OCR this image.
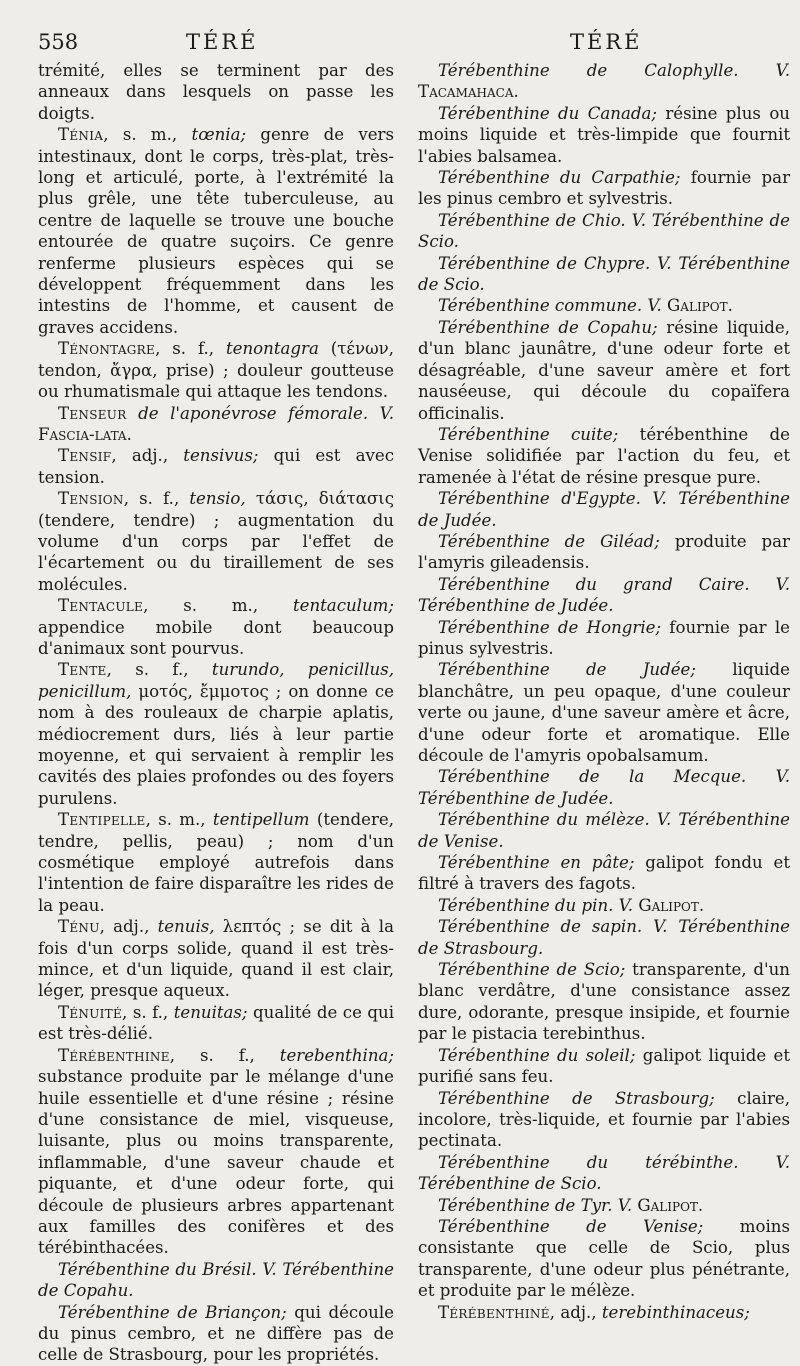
558	TÉRÉ	TÉRÉ

trémité, elles se terminent par des anneaux dans lesquels on passe les doigts.

Ténia, s. m., tœnia; genre de vers intestinaux, dont le corps, très-plat, très-long et articulé, porte, à l'extrémité la plus grêle, une tête tuberculeuse, au centre de laquelle se trouve une bouche entourée de quatre suçoirs. Ce genre renferme plusieurs espèces qui se développent fréquemment dans les intestins de l'homme, et causent de graves accidens.

Ténontagre, s. f., tenontagra (τένων, tendon, ἄγρα, prise) ; douleur goutteuse ou rhumatismale qui attaque les tendons.

Tenseur de l'aponévrose fémorale. V. Fascia-lata.

Tensif, adj., tensivus; qui est avec tension.

Tension, s. f., tensio, τάσις, διάτασις (tendere, tendre) ; augmentation du volume d'un corps par l'effet de l'écartement ou du tiraillement de ses molécules.

Tentacule, s. m., tentaculum; appendice mobile dont beaucoup d'animaux sont pourvus.

Tente, s. f., turundo, penicillus, penicillum, μοτός, ἔμμοτος ; on donne ce nom à des rouleaux de charpie aplatis, médiocrement durs, liés à leur partie moyenne, et qui servaient à remplir les cavités des plaies profondes ou des foyers purulens.

Tentipelle, s. m., tentipellum (tendere, tendre, pellis, peau) ; nom d'un cosmétique employé autrefois dans l'intention de faire disparaître les rides de la peau.

Ténu, adj., tenuis, λεπτός ; se dit à la fois d'un corps solide, quand il est très-mince, et d'un liquide, quand il est clair, léger, presque aqueux.

Ténuité, s. f., tenuitas; qualité de ce qui est très-délié.

Térébenthine, s. f., terebenthina; substance produite par le mélange d'une huile essentielle et d'une résine ; résine d'une consistance de miel, visqueuse, luisante, plus ou moins transparente, inflammable, d'une saveur chaude et piquante, et d'une odeur forte, qui découle de plusieurs arbres appartenant aux familles des conifères et des térébinthacées.

Térébenthine du Brésil. V. Térébenthine de Copahu.

Térébenthine de Briançon; qui découle du pinus cembro, et ne diffère pas de celle de Strasbourg, pour les propriétés.

Térébenthine de Calophylle. V. Tacamahaca.

Térébenthine du Canada; résine plus ou moins liquide et très-limpide que fournit l'abies balsamea.

Térébenthine du Carpathie; fournie par les pinus cembro et sylvestris.

Térébenthine de Chio. V. Térébenthine de Scio.

Térébenthine de Chypre. V. Térébenthine de Scio.

Térébenthine commune. V. Galipot.

Térébenthine de Copahu; résine liquide, d'un blanc jaunâtre, d'une odeur forte et désagréable, d'une saveur amère et fort nauséeuse, qui découle du copaïfera officinalis.

Térébenthine cuite; térébenthine de Venise solidifiée par l'action du feu, et ramenée à l'état de résine presque pure.

Térébenthine d'Egypte. V. Térébenthine de Judée.

Térébenthine de Giléad; produite par l'amyris gileadensis.

Térébenthine du grand Caire. V. Térébenthine de Judée.

Térébenthine de Hongrie; fournie par le pinus sylvestris.

Térébenthine de Judée; liquide blanchâtre, un peu opaque, d'une couleur verte ou jaune, d'une saveur amère et âcre, d'une odeur forte et aromatique. Elle découle de l'amyris opobalsamum.

Térébenthine de la Mecque. V. Térébenthine de Judée.

Térébenthine du mélèze. V. Térébenthine de Venise.

Térébenthine en pâte; galipot fondu et filtré à travers des fagots.

Térébenthine du pin. V. Galipot.

Térébenthine de sapin. V. Térébenthine de Strasbourg.

Térébenthine de Scio; transparente, d'un blanc verdâtre, d'une consistance assez dure, odorante, presque insipide, et fournie par le pistacia terebinthus.

Térébenthine du soleil; galipot liquide et purifié sans feu.

Térébenthine de Strasbourg; claire, incolore, très-liquide, et fournie par l'abies pectinata.

Térébenthine du térébinthe. V. Térébenthine de Scio.

Térébenthine de Tyr. V. Galipot.

Térébenthine de Venise; moins consistante que celle de Scio, plus transparente, d'une odeur plus pénétrante, et produite par le mélèze.

Térébenthiné, adj., terebinthinaceus;
